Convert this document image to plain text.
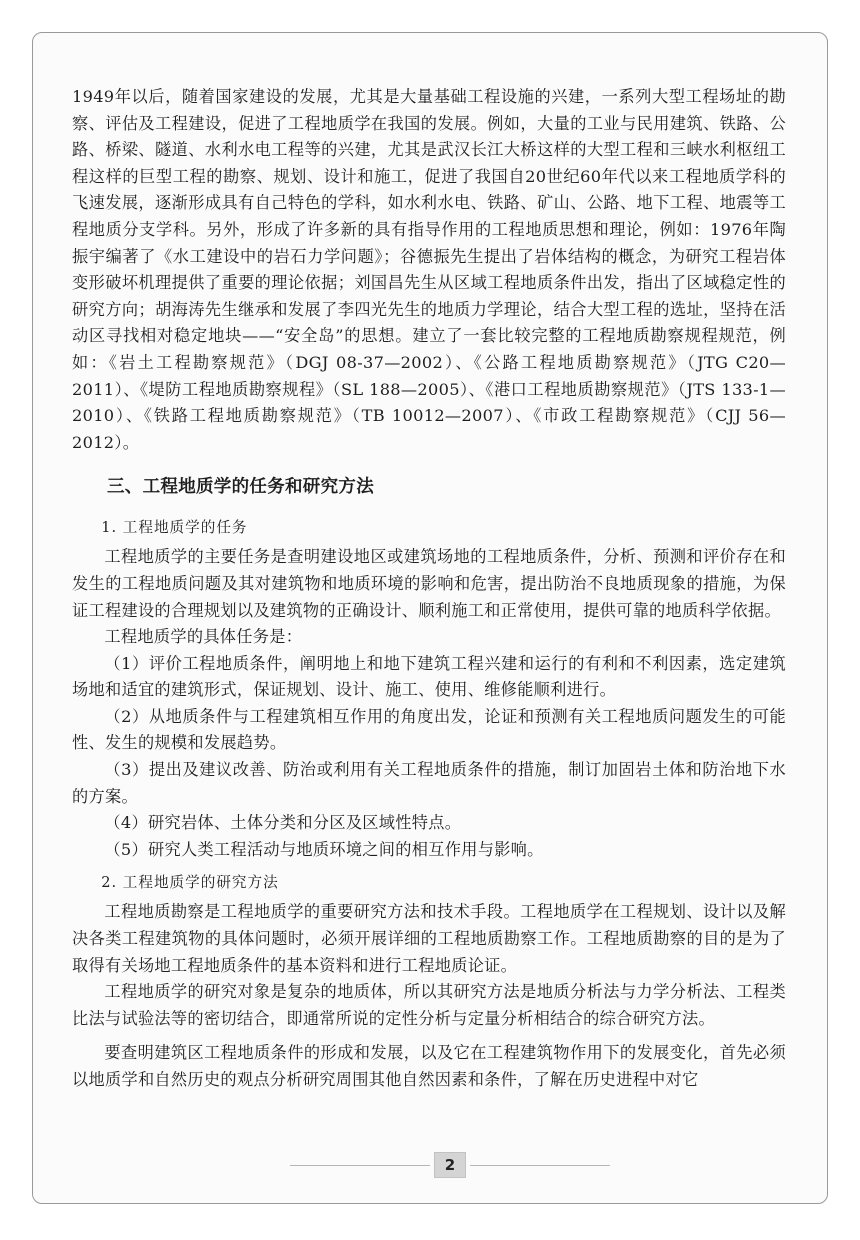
1949年以后，随着国家建设的发展，尤其是大量基础工程设施的兴建，一系列大型工程场址的勘察、评估及工程建设，促进了工程地质学在我国的发展。例如，大量的工业与民用建筑、铁路、公路、桥梁、隧道、水利水电工程等的兴建，尤其是武汉长江大桥这样的大型工程和三峡水利枢纽工程这样的巨型工程的勘察、规划、设计和施工，促进了我国自20世纪60年代以来工程地质学科的飞速发展，逐渐形成具有自己特色的学科，如水利水电、铁路、矿山、公路、地下工程、地震等工程地质分支学科。另外，形成了许多新的具有指导作用的工程地质思想和理论，例如：1976年陶振宇编著了《水工建设中的岩石力学问题》；谷德振先生提出了岩体结构的概念，为研究工程岩体变形破坏机理提供了重要的理论依据；刘国昌先生从区域工程地质条件出发，指出了区域稳定性的研究方向；胡海涛先生继承和发展了李四光先生的地质力学理论，结合大型工程的选址，坚持在活动区寻找相对稳定地块——“安全岛”的思想。建立了一套比较完整的工程地质勘察规程规范，例如：《岩土工程勘察规范》（DGJ 08-37—2002）、《公路工程地质勘察规范》（JTG C20—2011）、《堤防工程地质勘察规程》（SL 188—2005）、《港口工程地质勘察规范》（JTS 133-1—2010）、《铁路工程地质勘察规范》（TB 10012—2007）、《市政工程勘察规范》（CJJ 56—2012）。

三、工程地质学的任务和研究方法
1. 工程地质学的任务

工程地质学的主要任务是查明建设地区或建筑场地的工程地质条件，分析、预测和评价存在和发生的工程地质问题及其对建筑物和地质环境的影响和危害，提出防治不良地质现象的措施，为保证工程建设的合理规划以及建筑物的正确设计、顺利施工和正常使用，提供可靠的地质科学依据。

工程地质学的具体任务是：

（1）评价工程地质条件，阐明地上和地下建筑工程兴建和运行的有利和不利因素，选定建筑场地和适宜的建筑形式，保证规划、设计、施工、使用、维修能顺利进行。

（2）从地质条件与工程建筑相互作用的角度出发，论证和预测有关工程地质问题发生的可能性、发生的规模和发展趋势。

（3）提出及建议改善、防治或利用有关工程地质条件的措施，制订加固岩土体和防治地下水的方案。

（4）研究岩体、土体分类和分区及区域性特点。

（5）研究人类工程活动与地质环境之间的相互作用与影响。

2. 工程地质学的研究方法

工程地质勘察是工程地质学的重要研究方法和技术手段。工程地质学在工程规划、设计以及解决各类工程建筑物的具体问题时，必须开展详细的工程地质勘察工作。工程地质勘察的目的是为了取得有关场地工程地质条件的基本资料和进行工程地质论证。

工程地质学的研究对象是复杂的地质体，所以其研究方法是地质分析法与力学分析法、工程类比法与试验法等的密切结合，即通常所说的定性分析与定量分析相结合的综合研究方法。

要查明建筑区工程地质条件的形成和发展，以及它在工程建筑物作用下的发展变化，首先必须以地质学和自然历史的观点分析研究周围其他自然因素和条件，了解在历史进程中对它

2
